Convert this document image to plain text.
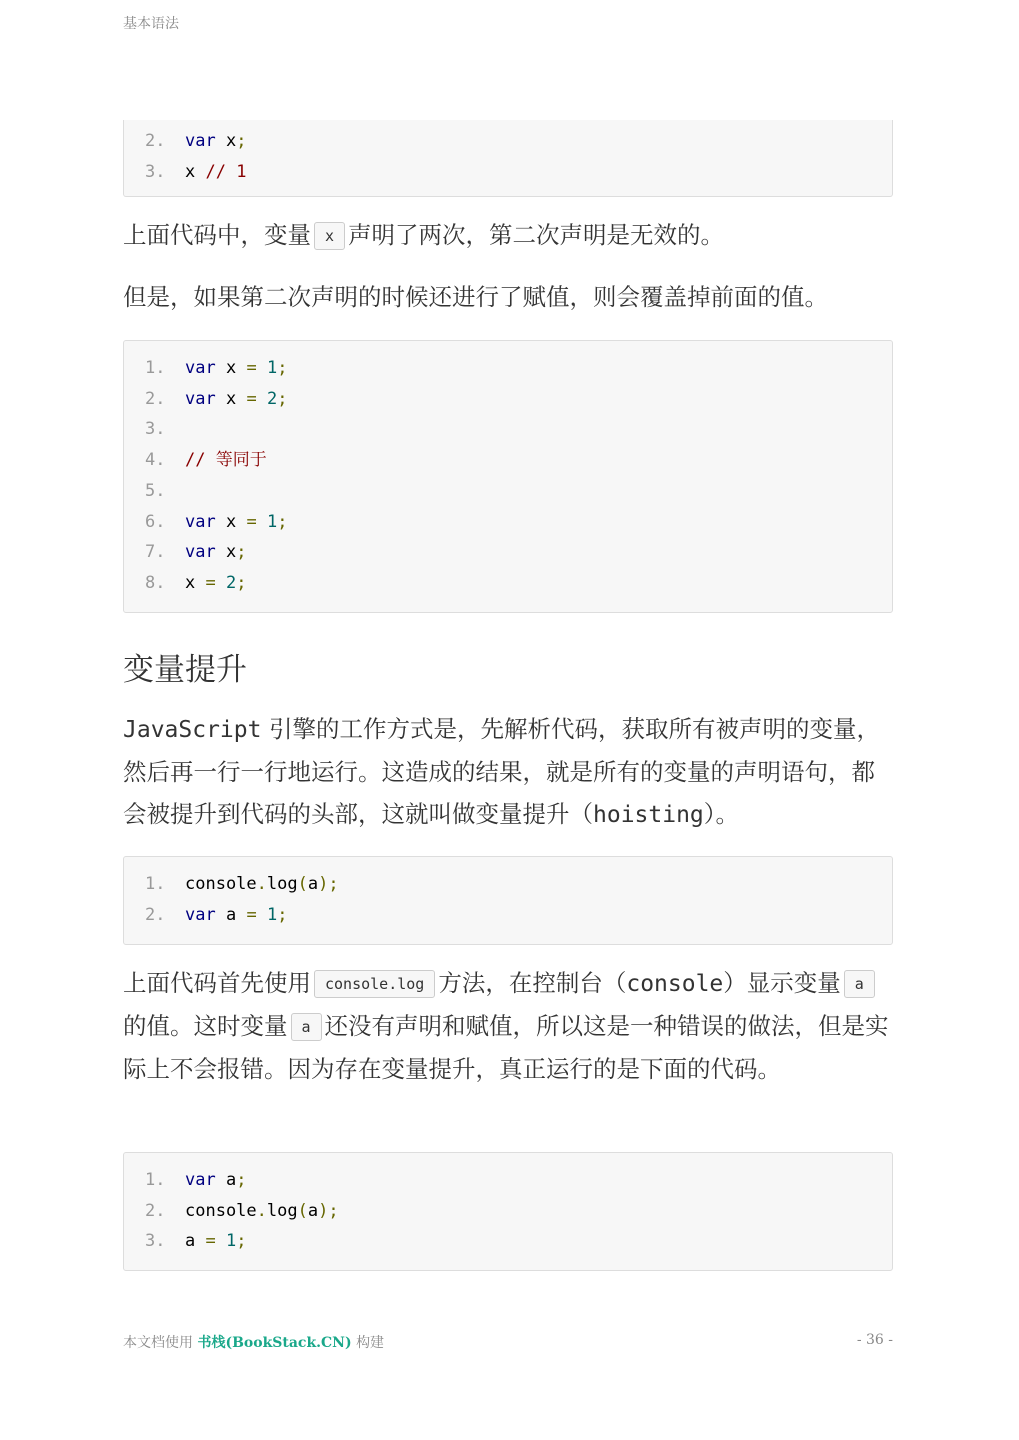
基本语法
2.	var x;
3.	x // 1

上面代码中，变量 x 声明了两次，第二次声明是无效的。

但是，如果第二次声明的时候还进行了赋值，则会覆盖掉前面的值。

1.	var x = 1;
2.	var x = 2;
3.
4.	// 等同于
5.
6.	var x = 1;
7.	var x;
8.	x = 2;
变量提升

JavaScript 引擎的工作方式是，先解析代码，获取所有被声明的变量，然后再一行一行地运行。这造成的结果，就是所有的变量的声明语句，都会被提升到代码的头部，这就叫做变量提升（hoisting）。

1.	console.log(a);
2.	var a = 1;

上面代码首先使用 console.log 方法，在控制台（console）显示变量 a的值。这时变量 a 还没有声明和赋值，所以这是一种错误的做法，但是实际上不会报错。因为存在变量提升，真正运行的是下面的代码。

1.	var a;
2.	console.log(a);
3.	a = 1;
本文档使用 书栈(BookStack.CN) 构建	- 36 -
